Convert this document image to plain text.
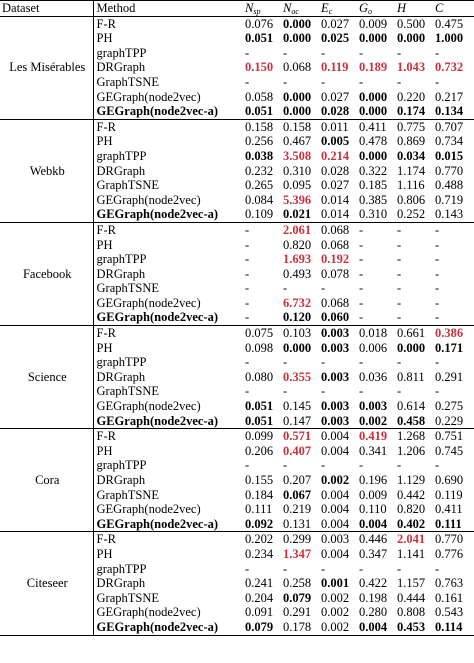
Dataset	Method	$N_{sp}$	$N_{oc}$	$E_c$	$G_o$	H	C
Les Misérables	F-R	0.076	0.000	0.027	0.009	0.500	0.475
	PH	0.051	0.000	0.025	0.000	0.000	1.000
	graphTPP	-	-	-	-	-	-
	DRGraph	0.150	0.068	0.119	0.189	1.043	0.732
	GraphTSNE	-	-	-	-	-	-
	GEGraph(node2vec)	0.058	0.000	0.027	0.000	0.220	0.217
	GEGraph(node2vec-a)	0.051	0.000	0.028	0.000	0.174	0.134
Webkb	F-R	0.158	0.158	0.011	0.411	0.775	0.707
	PH	0.256	0.467	0.005	0.478	0.869	0.734
	graphTPP	0.038	3.508	0.214	0.000	0.034	0.015
	DRGraph	0.232	0.310	0.028	0.322	1.174	0.770
	GraphTSNE	0.265	0.095	0.027	0.185	1.116	0.488
	GEGraph(node2vec)	0.084	5.396	0.014	0.385	0.806	0.719
	GEGraph(node2vec-a)	0.109	0.021	0.014	0.310	0.252	0.143
Facebook	F-R	-	2.061	0.068	-	-	-
	PH	-	0.820	0.068	-	-	-
	graphTPP	-	1.693	0.192	-	-	-
	DRGraph	-	0.493	0.078	-	-	-
	GraphTSNE	-	-	-	-	-	-
	GEGraph(node2vec)	-	6.732	0.068	-	-	-
	GEGraph(node2vec-a)	-	0.120	0.060	-	-	-
Science	F-R	0.075	0.103	0.003	0.018	0.661	0.386
	PH	0.098	0.000	0.003	0.006	0.000	0.171
	graphTPP	-	-	-	-	-	-
	DRGraph	0.080	0.355	0.003	0.036	0.811	0.291
	GraphTSNE	-	-	-	-	-	-
	GEGraph(node2vec)	0.051	0.145	0.003	0.003	0.614	0.275
	GEGraph(node2vec-a)	0.051	0.147	0.003	0.002	0.458	0.229
Cora	F-R	0.099	0.571	0.004	0.419	1.268	0.751
	PH	0.206	0.407	0.004	0.341	1.206	0.745
	graphTPP	-	-	-	-	-	-
	DRGraph	0.155	0.207	0.002	0.196	1.129	0.690
	GraphTSNE	0.184	0.067	0.004	0.009	0.442	0.119
	GEGraph(node2vec)	0.111	0.219	0.004	0.110	0.820	0.411
	GEGraph(node2vec-a)	0.092	0.131	0.004	0.004	0.402	0.111
Citeseer	F-R	0.202	0.299	0.003	0.446	2.041	0.770
	PH	0.234	1.347	0.004	0.347	1.141	0.776
	graphTPP	-	-	-	-	-	-
	DRGraph	0.241	0.258	0.001	0.422	1.157	0.763
	GraphTSNE	0.204	0.079	0.002	0.198	0.444	0.161
	GEGraph(node2vec)	0.091	0.291	0.002	0.280	0.808	0.543
	GEGraph(node2vec-a)	0.079	0.178	0.002	0.004	0.453	0.114
